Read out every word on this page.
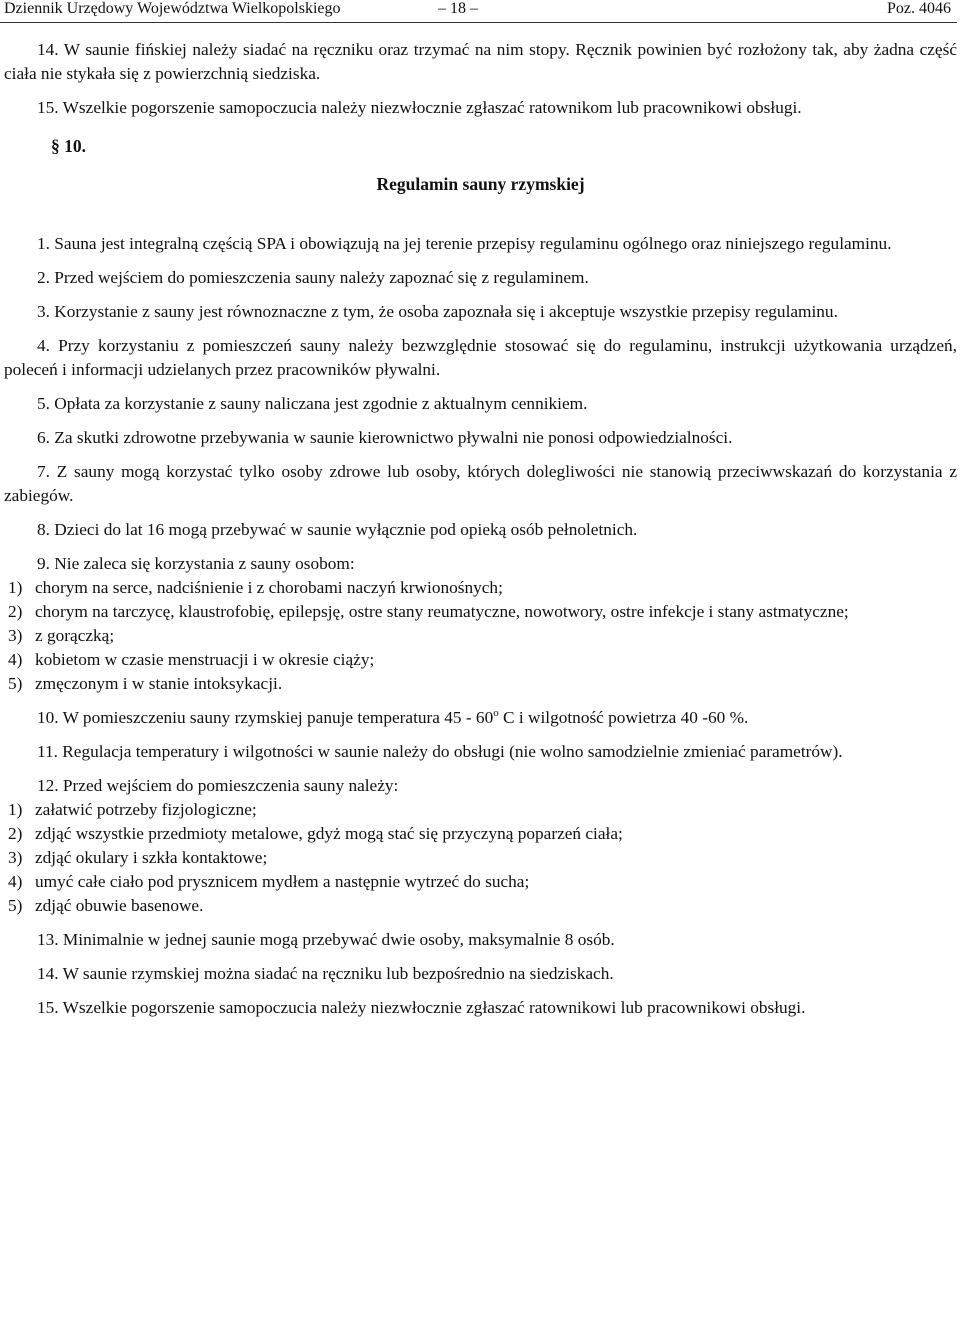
Dziennik Urzędowy Województwa Wielkopolskiego	– 18 –	Poz. 4046

14. W saunie fińskiej należy siadać na ręczniku oraz trzymać na nim stopy. Ręcznik powinien być rozłożony tak, aby żadna część ciała nie stykała się z powierzchnią siedziska.

15. Wszelkie pogorszenie samopoczucia należy niezwłocznie zgłaszać ratownikom lub pracownikowi obsługi.

§ 10.

Regulamin sauny rzymskiej

1. Sauna jest integralną częścią SPA i obowiązują na jej terenie przepisy regulaminu ogólnego oraz niniejszego regulaminu.

2. Przed wejściem do pomieszczenia sauny należy zapoznać się z regulaminem.

3. Korzystanie z sauny jest równoznaczne z tym, że osoba zapoznała się i akceptuje wszystkie przepisy regulaminu.

4. Przy korzystaniu z pomieszczeń sauny należy bezwzględnie stosować się do regulaminu, instrukcji użytkowania urządzeń, poleceń i informacji udzielanych przez pracowników pływalni.

5. Opłata za korzystanie z sauny naliczana jest zgodnie z aktualnym cennikiem.

6. Za skutki zdrowotne przebywania w saunie kierownictwo pływalni nie ponosi odpowiedzialności.

7. Z sauny mogą korzystać tylko osoby zdrowe lub osoby, których dolegliwości nie stanowią przeciwwskazań do korzystania z zabiegów.

8. Dzieci do lat 16 mogą przebywać w saunie wyłącznie pod opieką osób pełnoletnich.

9. Nie zaleca się korzystania z sauny osobom:

1) chorym na serce, nadciśnienie i z chorobami naczyń krwionośnych;
2) chorym na tarczycę, klaustrofobię, epilepsję, ostre stany reumatyczne, nowotwory, ostre infekcje i stany astmatyczne;
3) z gorączką;
4) kobietom w czasie menstruacji i w okresie ciąży;
5) zmęczonym i w stanie intoksykacji.

10. W pomieszczeniu sauny rzymskiej panuje temperatura 45 - 60$^o$ C i wilgotność powietrza 40 -60 %.

11. Regulacja temperatury i wilgotności w saunie należy do obsługi (nie wolno samodzielnie zmieniać parametrów).

12. Przed wejściem do pomieszczenia sauny należy:

1) załatwić potrzeby fizjologiczne;
2) zdjąć wszystkie przedmioty metalowe, gdyż mogą stać się przyczyną poparzeń ciała;
3) zdjąć okulary i szkła kontaktowe;
4) umyć całe ciało pod prysznicem mydłem a następnie wytrzeć do sucha;
5) zdjąć obuwie basenowe.

13. Minimalnie w jednej saunie mogą przebywać dwie osoby, maksymalnie 8 osób.

14. W saunie rzymskiej można siadać na ręczniku lub bezpośrednio na siedziskach.

15. Wszelkie pogorszenie samopoczucia należy niezwłocznie zgłaszać ratownikowi lub pracownikowi obsługi.
